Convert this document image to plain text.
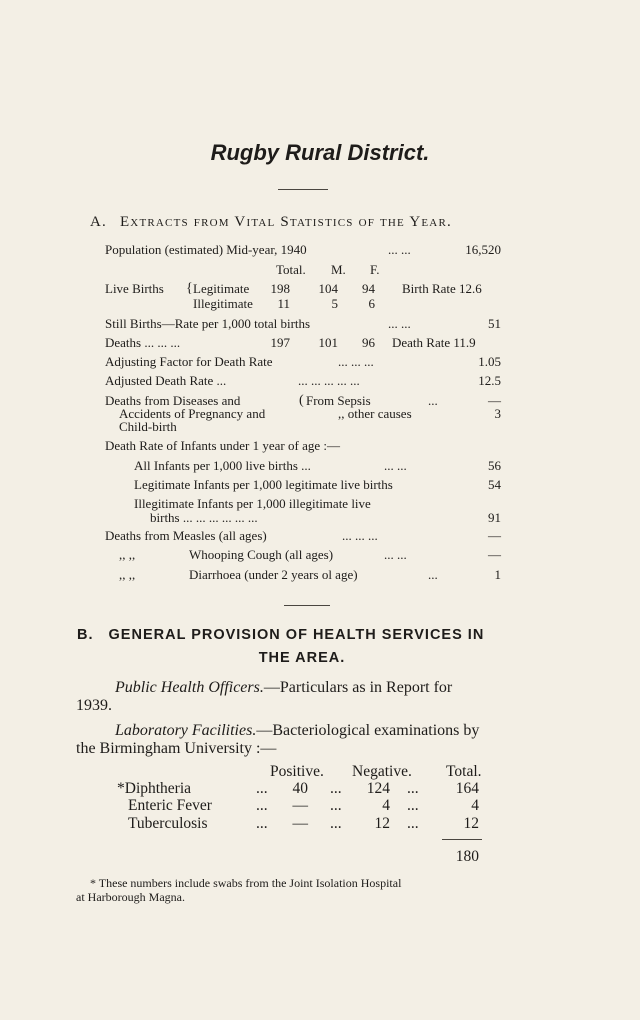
Rugby Rural District.
A. Extracts from Vital Statistics of the Year.
Population (estimated) Mid-year, 1940	... ...	16,520
Total. M. F.
Live Births { Legitimate 198 104	94 Birth Rate 12.6
Illegitimate	11	5	6
Still Births—Rate per 1,000 total births	... ...	51
Deaths ... ... ...	197 101	96 Death Rate 11.9
Adjusting Factor for Death Rate	... ... ...	1.05
Adjusted Death Rate ...	... ... ... ... ...	12.5
Deaths from Diseases and
Accidents of Pregnancy and
Child-birth
( From Sepsis	...	—
,, other causes	3
Death Rate of Infants under 1 year of age :—
All Infants per 1,000 live births ...	... ...	56
Legitimate Infants per 1,000 legitimate live births	54
Illegitimate Infants per 1,000 illegitimate live
births ... ... ... ... ... ...	91
Deaths from Measles (all ages)	... ... ...	—
,, ,,	Whooping Cough (all ages)	... ...	—
,, ,,	Diarrhoea (under 2 years ol age)	...	1
B. GENERAL PROVISION OF HEALTH SERVICES IN
THE AREA.
Public Health Officers.—Particulars as in Report for
1939.
Laboratory Facilities.—Bacteriological examinations by
the Birmingham University :—
Positive. Negative. Total.
*Diphtheria	...	40 ...	124 ...	164
Enteric Fever	...	— ...	4 ...	4
Tuberculosis	...	— ...	12 ...	12
180
* These numbers include swabs from the Joint Isolation Hospital
at Harborough Magna.
